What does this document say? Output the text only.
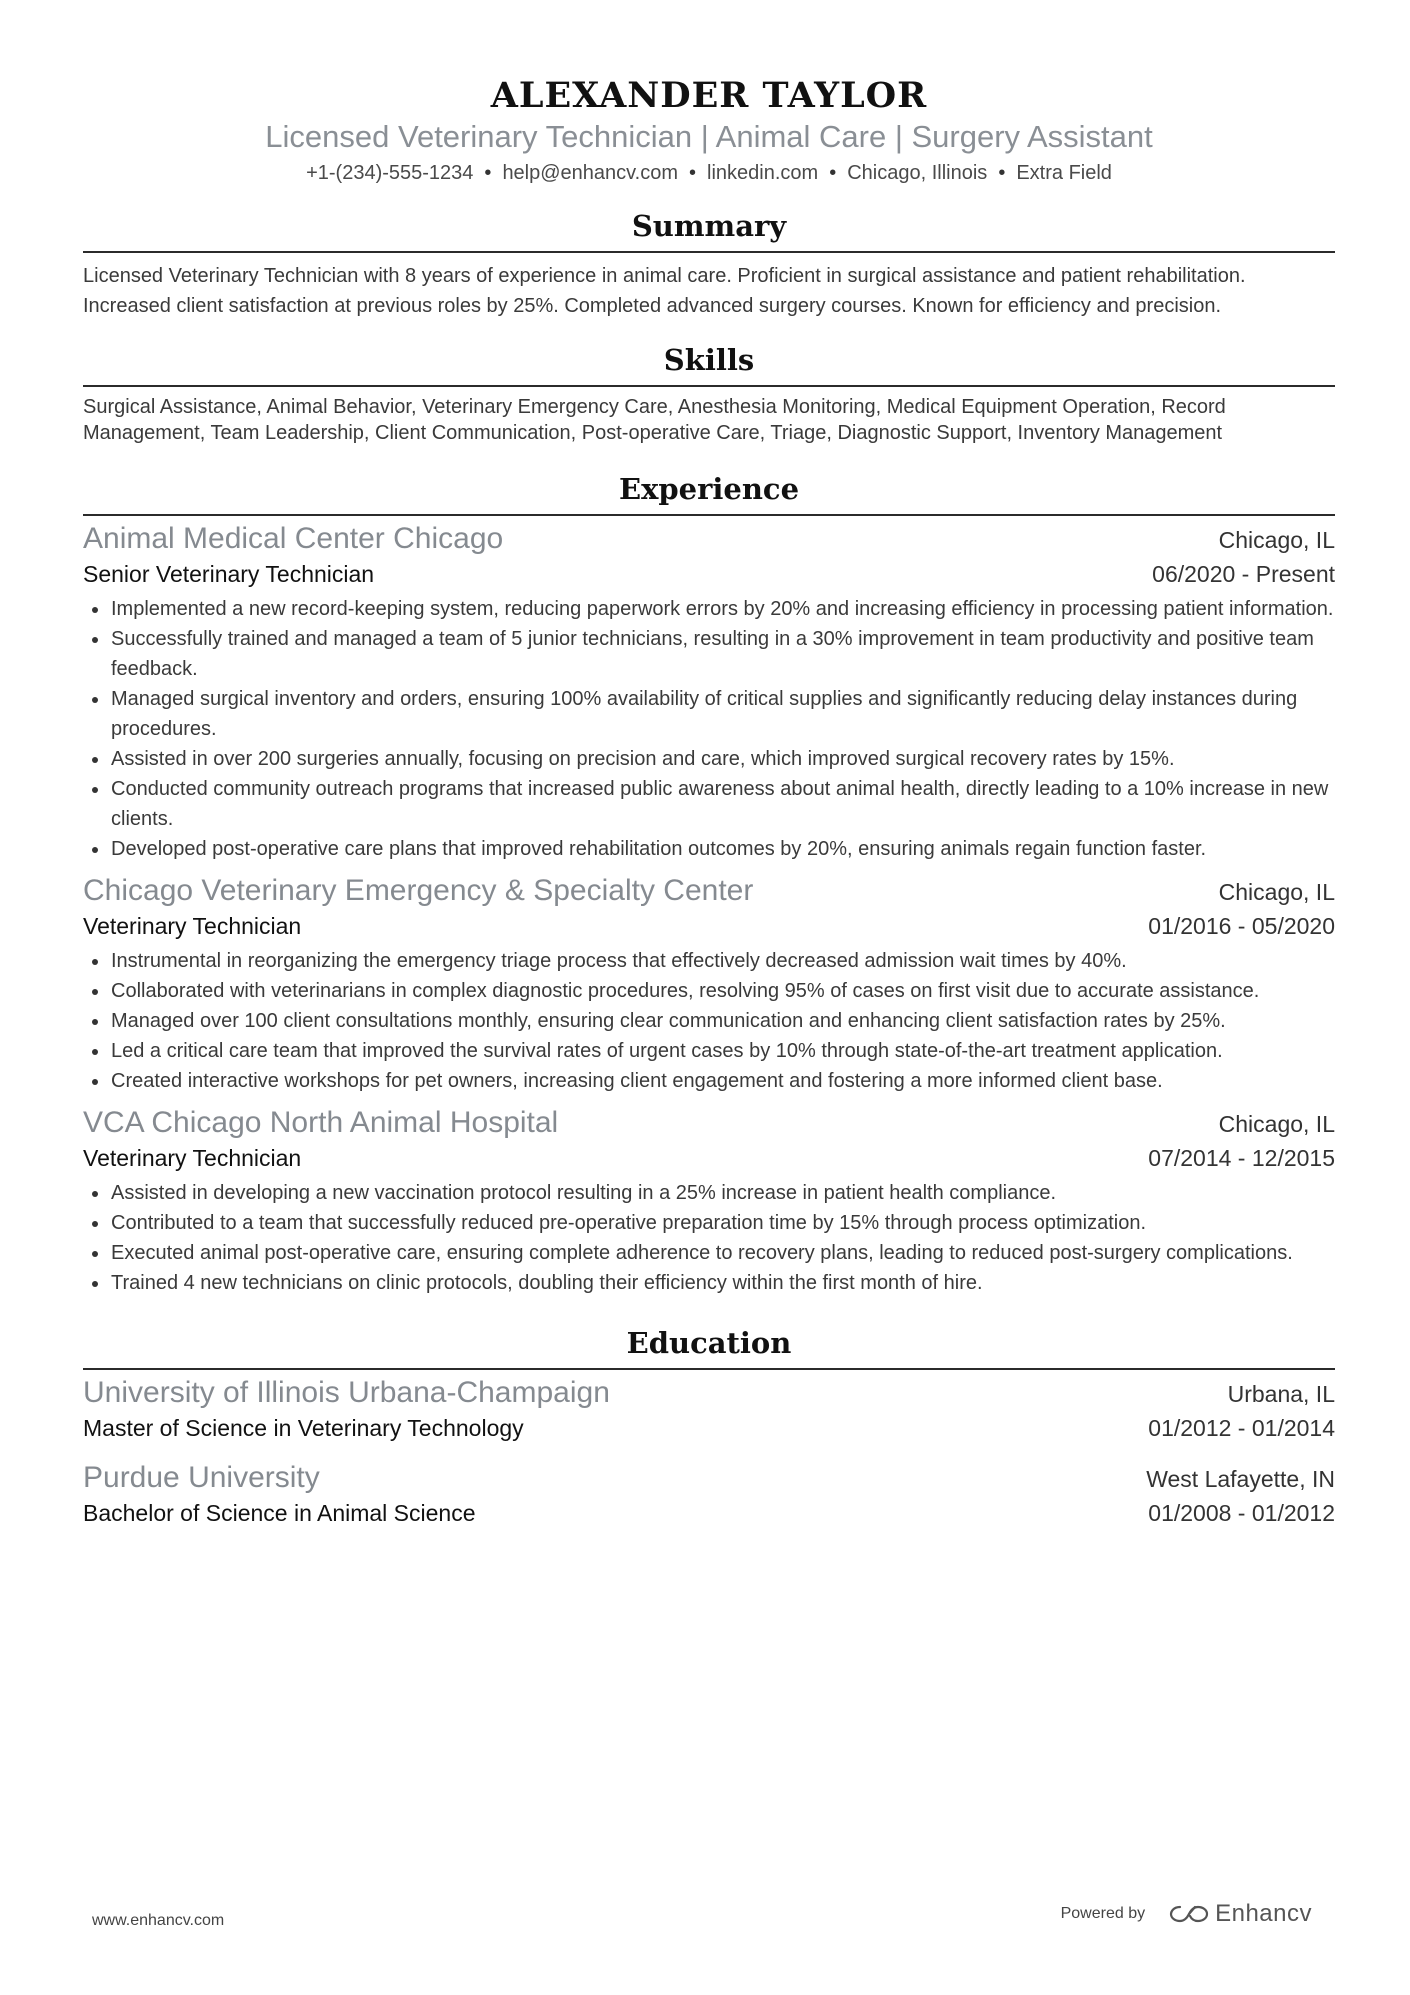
ALEXANDER TAYLOR
Licensed Veterinary Technician | Animal Care | Surgery Assistant
+1-(234)-555-1234 • help@enhancv.com • linkedin.com • Chicago, Illinois • Extra Field
Summary
Licensed Veterinary Technician with 8 years of experience in animal care. Proficient in surgical assistance and patient rehabilitation. Increased client satisfaction at previous roles by 25%. Completed advanced surgery courses. Known for efficiency and precision.
Skills
Surgical Assistance, Animal Behavior, Veterinary Emergency Care, Anesthesia Monitoring, Medical Equipment Operation, Record Management, Team Leadership, Client Communication, Post-operative Care, Triage, Diagnostic Support, Inventory Management
Experience
Animal Medical Center Chicago	Chicago, IL
Senior Veterinary Technician	06/2020 - Present
Implemented a new record-keeping system, reducing paperwork errors by 20% and increasing efficiency in processing patient information.
Successfully trained and managed a team of 5 junior technicians, resulting in a 30% improvement in team productivity and positive team feedback.
Managed surgical inventory and orders, ensuring 100% availability of critical supplies and significantly reducing delay instances during procedures.
Assisted in over 200 surgeries annually, focusing on precision and care, which improved surgical recovery rates by 15%.
Conducted community outreach programs that increased public awareness about animal health, directly leading to a 10% increase in new clients.
Developed post-operative care plans that improved rehabilitation outcomes by 20%, ensuring animals regain function faster.
Chicago Veterinary Emergency & Specialty Center	Chicago, IL
Veterinary Technician	01/2016 - 05/2020
Instrumental in reorganizing the emergency triage process that effectively decreased admission wait times by 40%.
Collaborated with veterinarians in complex diagnostic procedures, resolving 95% of cases on first visit due to accurate assistance.
Managed over 100 client consultations monthly, ensuring clear communication and enhancing client satisfaction rates by 25%.
Led a critical care team that improved the survival rates of urgent cases by 10% through state-of-the-art treatment application.
Created interactive workshops for pet owners, increasing client engagement and fostering a more informed client base.
VCA Chicago North Animal Hospital	Chicago, IL
Veterinary Technician	07/2014 - 12/2015
Assisted in developing a new vaccination protocol resulting in a 25% increase in patient health compliance.
Contributed to a team that successfully reduced pre-operative preparation time by 15% through process optimization.
Executed animal post-operative care, ensuring complete adherence to recovery plans, leading to reduced post-surgery complications.
Trained 4 new technicians on clinic protocols, doubling their efficiency within the first month of hire.
Education
University of Illinois Urbana-Champaign	Urbana, IL
Master of Science in Veterinary Technology	01/2012 - 01/2014
Purdue University	West Lafayette, IN
Bachelor of Science in Animal Science	01/2008 - 01/2012
www.enhancv.com	Powered by	Enhancv
